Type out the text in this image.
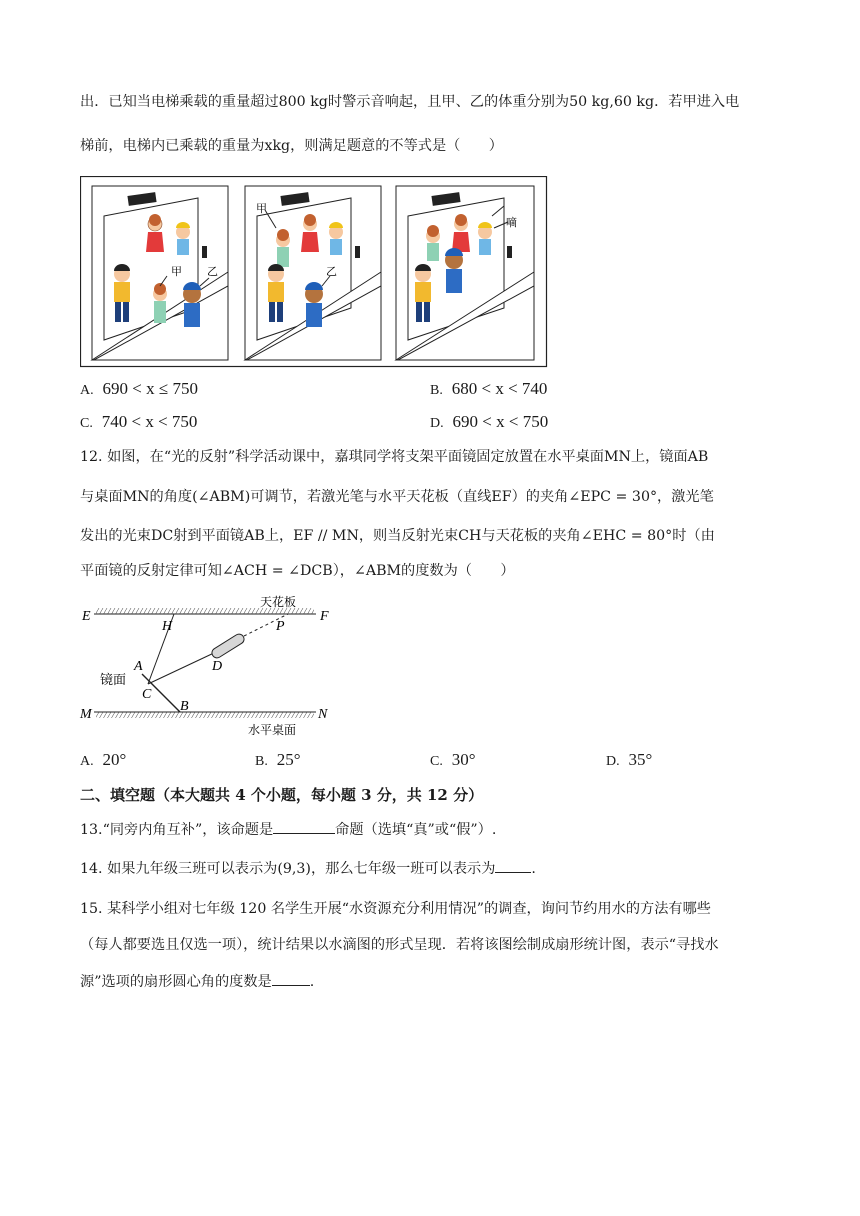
出．已知当电梯乘载的重量超过800 kg时警示音响起，且甲、乙的体重分别为50 kg,60 kg．若甲进入电
梯前，电梯内已乘载的重量为xkg，则满足题意的不等式是（　　）
甲 乙
甲
乙
嘀
A. 690 < x ≤ 750	B. 680 < x < 740
C. 740 < x < 750	D. 690 < x < 750
12. 如图，在“光的反射”科学活动课中，嘉琪同学将支架平面镜固定放置在水平桌面MN上，镜面AB
与桌面MN的角度(∠ABM)可调节，若激光笔与水平天花板（直线EF）的夹角∠EPC = 30°，激光笔
发出的光束DC射到平面镜AB上，EF // MN，则当反射光束CH与天花板的夹角∠EHC = 80°时（由
平面镜的反射定律可知∠ACH = ∠DCB），∠ABM的度数为（　　）
E	F
H	P
A
C
B
D
M	N
天花板
镜面
水平桌面
A. 20°	B. 25°	C. 30°	D. 35°
二、填空题（本大题共 4 个小题，每小题 3 分，共 12 分）
13.“同旁内角互补”，该命题是	命题（选填“真”或“假”）.
14. 如果九年级三班可以表示为(9,3)，那么七年级一班可以表示为	.
15. 某科学小组对七年级 120 名学生开展“水资源充分利用情况”的调查，询问节约用水的方法有哪些
（每人都要选且仅选一项），统计结果以水滴图的形式呈现．若将该图绘制成扇形统计图，表示“寻找水
源”选项的扇形圆心角的度数是	.
